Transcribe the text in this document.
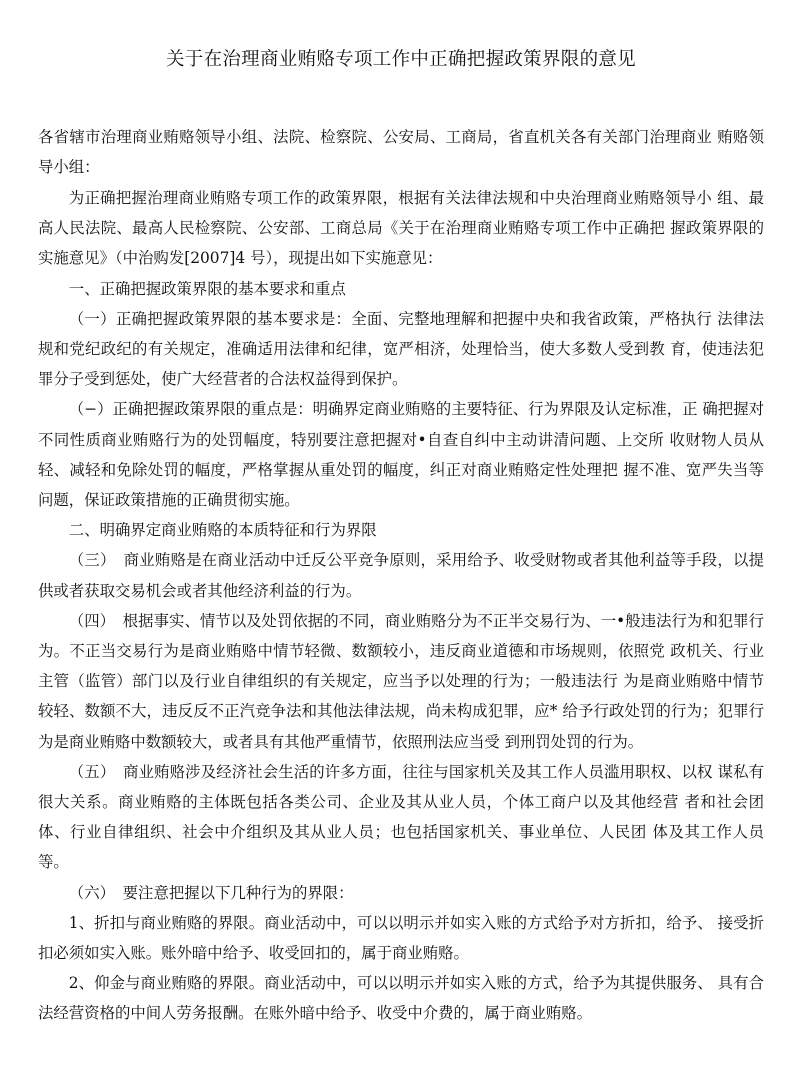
关于在治理商业贿赂专项工作中正确把握政策界限的意见

各省辖市治理商业贿赂领导小组、法院、检察院、公安局、工商局，省直机关各有关部门治理商业 贿赂领导小组：

为正确把握治理商业贿赂专项工作的政策界限，根据有关法律法规和中央治理商业贿赂领导小 组、最高人民法院、最高人民检察院、公安部、工商总局《关于在治理商业贿赂专项工作中正确把 握政策界限的实施意见》（中治购发[2007]4 号），现提出如下实施意见：

一、正确把握政策界限的基本要求和重点

（一）正确把握政策界限的基本要求是：全面、完整地理解和把握中央和我省政策，严格执行 法律法规和党纪政纪的有关规定，准确适用法律和纪律，宽严相济，处理恰当，使大多数人受到教 育，使违法犯罪分子受到惩处，使广大经营者的合法权益得到保护。

（−）正确把握政策界限的重点是：明确界定商业贿赂的主要特征、行为界限及认定标准，正 确把握对不同性质商业贿赂行为的处罚幅度，特别要注意把握对•自查自纠中主动讲清问题、上交所 收财物人员从轻、减轻和免除处罚的幅度，严格掌握从重处罚的幅度，纠正对商业贿赂定性处理把 握不准、宽严失当等问题，保证政策措施的正确贯彻实施。

二、明确界定商业贿赂的本质特征和行为界限

（三）　商业贿赂是在商业活动中迁反公平竞争原则，采用给予、收受财物或者其他利益等手段，以提供或者获取交易机会或者其他经济利益的行为。

（四）　根据事实、情节以及处罚依据的不同，商业贿赂分为不正半交易行为、一•般违法行为和犯罪行为。不正当交易行为是商业贿赂中情节轻微、数额较小，违反商业道德和市场规则，依照党 政机关、行业主管（监管）部门以及行业自律组织的有关规定，应当予以处理的行为；一般违法行 为是商业贿赂中情节较轻、数额不大，违反反不正汽竞争法和其他法律法规，尚未构成犯罪，应* 给予行政处罚的行为；犯罪行为是商业贿赂中数额较大，或者具有其他严重情节，依照刑法应当受 到刑罚处罚的行为。

（五）　商业贿赂涉及经济社会生活的许多方面，往往与国家机关及其工作人员滥用职权、以权 谋私有很大关系。商业贿赂的主体既包括各类公司、企业及其从业人员，个体工商户以及其他经营 者和社会团体、行业自律组织、社会中介组织及其从业人员；也包括国家机关、事业单位、人民团 体及其工作人员等。

（六）　要注意把握以下几种行为的界限：

1、折扣与商业贿赂的界限。商业活动中，可以以明示并如实入账的方式给予对方折扣，给予、 接受折扣必须如实入账。账外暗中给予、收受回扣的，属于商业贿赂。

2、仰金与商业贿赂的界限。商业活动中，可以以明示并如实入账的方式，给予为其提供服务、 具有合法经营资格的中间人劳务报酬。在账外暗中给予、收受中介费的，属于商业贿赂。
